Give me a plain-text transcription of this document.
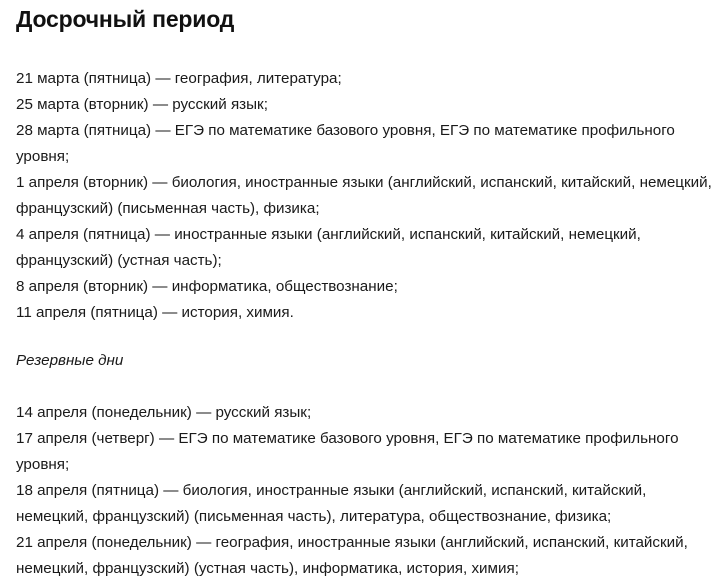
Досрочный период
21 марта (пятница) — география, литература;
25 марта (вторник) — русский язык;
28 марта (пятница) — ЕГЭ по математике базового уровня, ЕГЭ по математике профильного уровня;
1 апреля (вторник) — биология, иностранные языки (английский, испанский, китайский, немецкий, французский) (письменная часть), физика;
4 апреля (пятница) — иностранные языки (английский, испанский, китайский, немецкий, французский) (устная часть);
8 апреля (вторник) — информатика, обществознание;
11 апреля (пятница) — история, химия.

Резервные дни

14 апреля (понедельник) — русский язык;
17 апреля (четверг) — ЕГЭ по математике базового уровня, ЕГЭ по математике профильного уровня;
18 апреля (пятница) — биология, иностранные языки (английский, испанский, китайский, немецкий, французский) (письменная часть), литература, обществознание, физика;
21 апреля (понедельник) — география, иностранные языки (английский, испанский, китайский, немецкий, французский) (устная часть), информатика, история, химия;
